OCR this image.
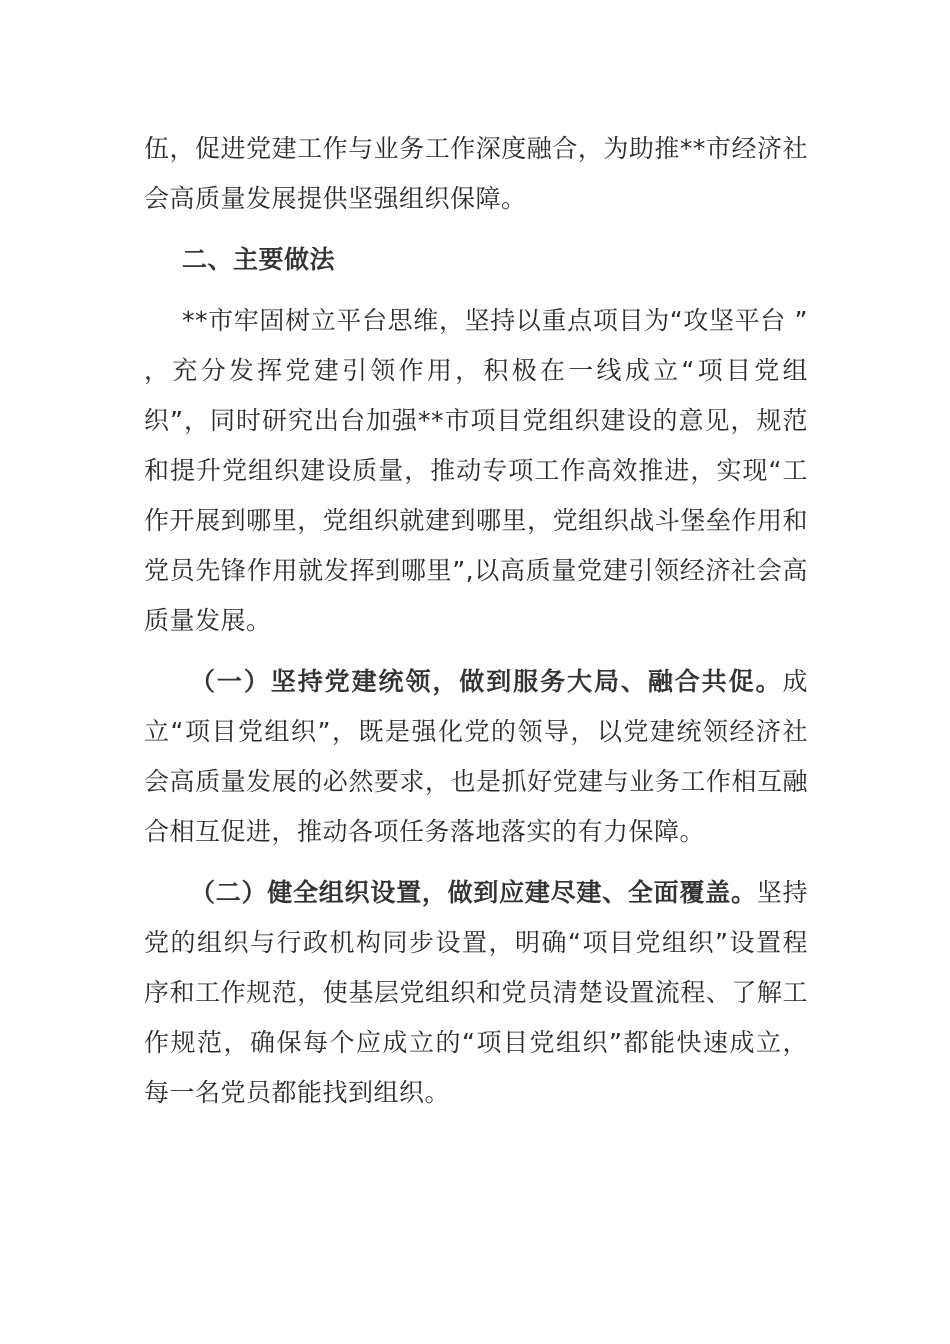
伍，促进党建工作与业务工作深度融合，为助推**市经济社会高质量发展提供坚强组织保障。

二、主要做法

**市牢固树立平台思维，坚持以重点项目为“攻坚平台 ” ，充分发挥党建引领作用，积极在一线成立“项目党组织”，同时研究出台加强**市项目党组织建设的意见，规范和提升党组织建设质量，推动专项工作高效推进，实现“工作开展到哪里，党组织就建到哪里，党组织战斗堡垒作用和党员先锋作用就发挥到哪里”,以高质量党建引领经济社会高质量发展。

（一）坚持党建统领，做到服务大局、融合共促。成立“项目党组织”，既是强化党的领导，以党建统领经济社会高质量发展的必然要求，也是抓好党建与业务工作相互融合相互促进，推动各项任务落地落实的有力保障。

（二）健全组织设置，做到应建尽建、全面覆盖。坚持党的组织与行政机构同步设置，明确“项目党组织”设置程序和工作规范，使基层党组织和党员清楚设置流程、了解工作规范，确保每个应成立的“项目党组织”都能快速成立，每一名党员都能找到组织。
